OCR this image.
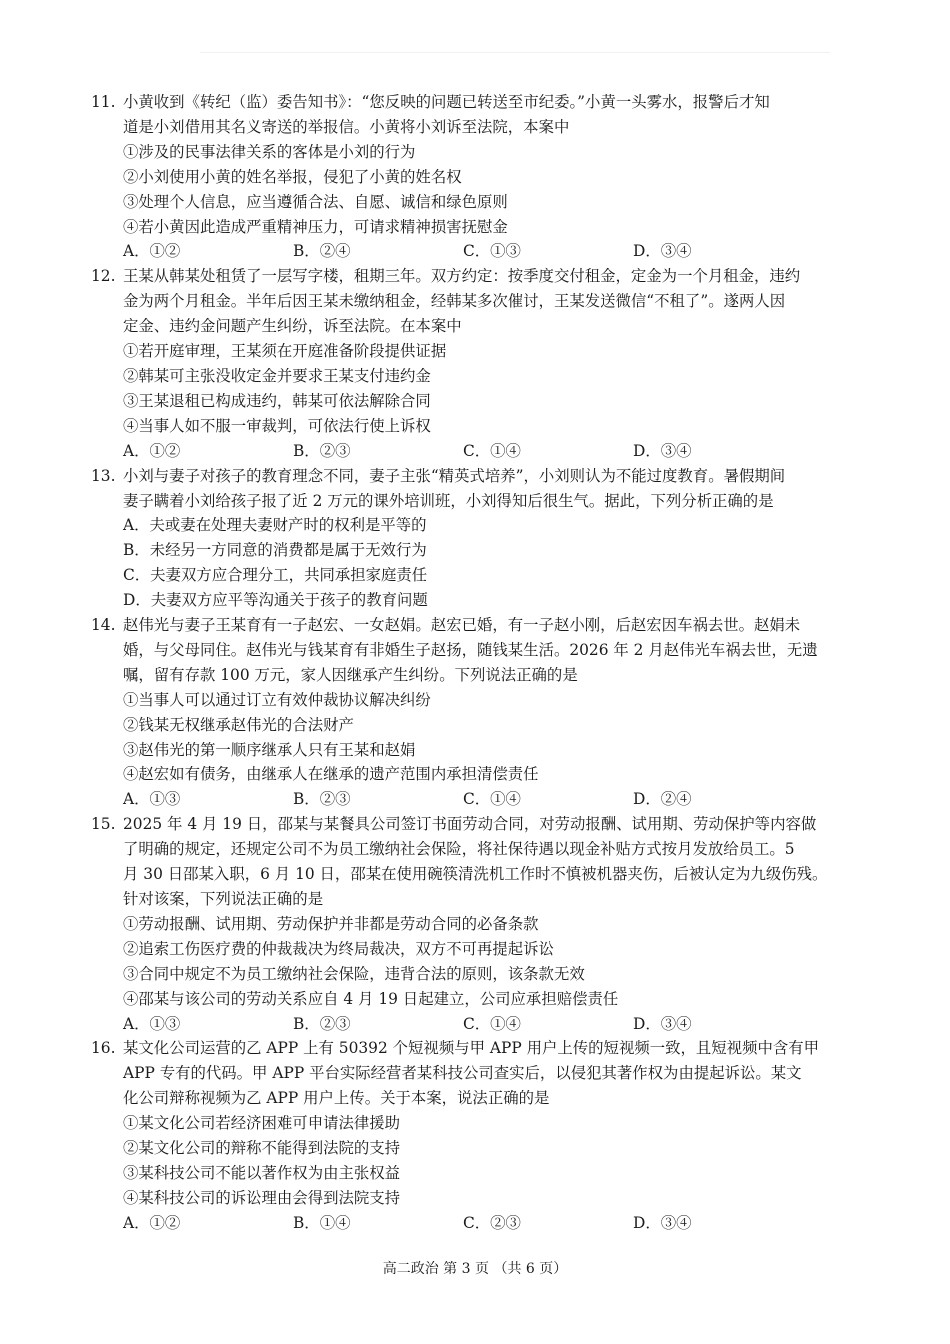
11. 小黄收到《转纪（监）委告知书》：“您反映的问题已转送至市纪委。”小黄一头雾水，报警后才知
道是小刘借用其名义寄送的举报信。小黄将小刘诉至法院，本案中
①涉及的民事法律关系的客体是小刘的行为
②小刘使用小黄的姓名举报，侵犯了小黄的姓名权
③处理个人信息，应当遵循合法、自愿、诚信和绿色原则
④若小黄因此造成严重精神压力，可请求精神损害抚慰金
A．①②	B．②④	C．①③	D．③④
12. 王某从韩某处租赁了一层写字楼，租期三年。双方约定：按季度交付租金，定金为一个月租金，违约
金为两个月租金。半年后因王某未缴纳租金，经韩某多次催讨，王某发送微信“不租了”。遂两人因
定金、违约金问题产生纠纷，诉至法院。在本案中
①若开庭审理，王某须在开庭准备阶段提供证据
②韩某可主张没收定金并要求王某支付违约金
③王某退租已构成违约，韩某可依法解除合同
④当事人如不服一审裁判，可依法行使上诉权
A．①②	B．②③	C．①④	D．③④
13. 小刘与妻子对孩子的教育理念不同，妻子主张“精英式培养”，小刘则认为不能过度教育。暑假期间
妻子瞒着小刘给孩子报了近 2 万元的课外培训班，小刘得知后很生气。据此，下列分析正确的是
A．夫或妻在处理夫妻财产时的权利是平等的
B．未经另一方同意的消费都是属于无效行为
C．夫妻双方应合理分工，共同承担家庭责任
D．夫妻双方应平等沟通关于孩子的教育问题
14. 赵伟光与妻子王某育有一子赵宏、一女赵娟。赵宏已婚，有一子赵小刚，后赵宏因车祸去世。赵娟未
婚，与父母同住。赵伟光与钱某育有非婚生子赵扬，随钱某生活。2026 年 2 月赵伟光车祸去世，无遗
嘱，留有存款 100 万元，家人因继承产生纠纷。下列说法正确的是
①当事人可以通过订立有效仲裁协议解决纠纷
②钱某无权继承赵伟光的合法财产
③赵伟光的第一顺序继承人只有王某和赵娟
④赵宏如有债务，由继承人在继承的遗产范围内承担清偿责任
A．①③	B．②③	C．①④	D．②④
15. 2025 年 4 月 19 日，邵某与某餐具公司签订书面劳动合同，对劳动报酬、试用期、劳动保护等内容做
了明确的规定，还规定公司不为员工缴纳社会保险，将社保待遇以现金补贴方式按月发放给员工。5
月 30 日邵某入职，6 月 10 日，邵某在使用碗筷清洗机工作时不慎被机器夹伤，后被认定为九级伤残。
针对该案，下列说法正确的是
①劳动报酬、试用期、劳动保护并非都是劳动合同的必备条款
②追索工伤医疗费的仲裁裁决为终局裁决，双方不可再提起诉讼
③合同中规定不为员工缴纳社会保险，违背合法的原则，该条款无效
④邵某与该公司的劳动关系应自 4 月 19 日起建立，公司应承担赔偿责任
A．①③	B．②③	C．①④	D．③④
16. 某文化公司运营的乙 APP 上有 50392 个短视频与甲 APP 用户上传的短视频一致，且短视频中含有甲
APP 专有的代码。甲 APP 平台实际经营者某科技公司查实后，以侵犯其著作权为由提起诉讼。某文
化公司辩称视频为乙 APP 用户上传。关于本案，说法正确的是
①某文化公司若经济困难可申请法律援助
②某文化公司的辩称不能得到法院的支持
③某科技公司不能以著作权为由主张权益
④某科技公司的诉讼理由会得到法院支持
A．①②	B．①④	C．②③	D．③④
高二政治 第 3 页 （共 6 页）
